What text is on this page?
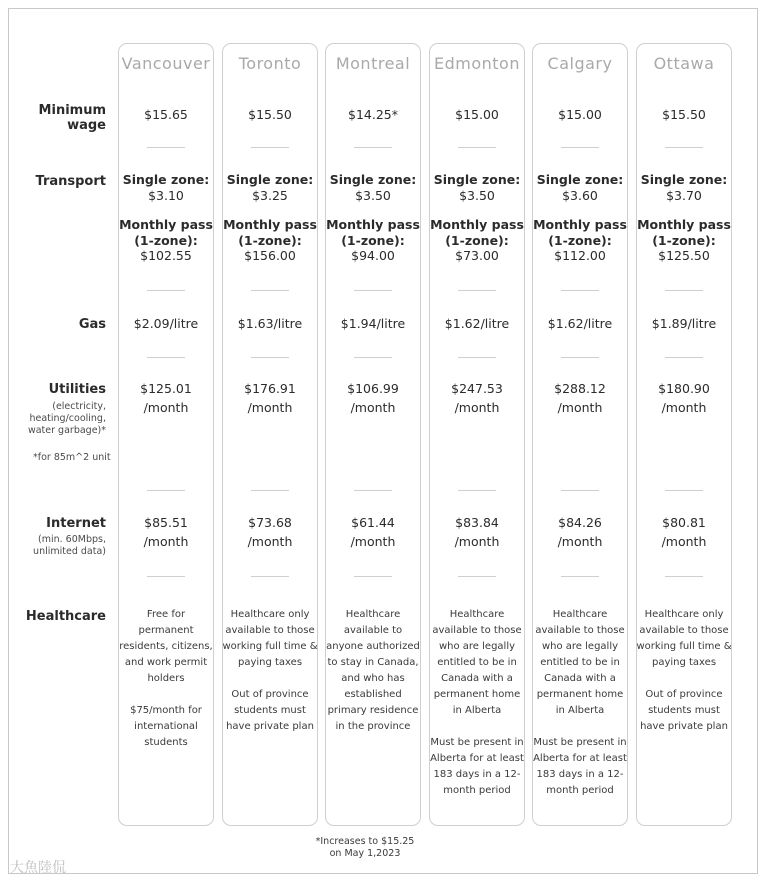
Vancouver
$15.65
Single zone:
$3.10
Monthly pass
(1-zone):
$102.55
$2.09/litre
$125.01
/month
$85.51
/month

Free for permanent residents, citizens, and work permit holders

$75/month for international students

Toronto
$15.50
Single zone:
$3.25
Monthly pass
(1-zone):
$156.00
$1.63/litre
$176.91
/month
$73.68
/month

Healthcare only available to those working full time & paying taxes

Out of province students must have private plan

Montreal
$14.25*
Single zone:
$3.50
Monthly pass
(1-zone):
$94.00
$1.94/litre
$106.99
/month
$61.44
/month

Healthcare available to anyone authorized to stay in Canada, and who has established primary residence in the province

Edmonton
$15.00
Single zone:
$3.50
Monthly pass
(1-zone):
$73.00
$1.62/litre
$247.53
/month
$83.84
/month

Healthcare available to those who are legally entitled to be in Canada with a permanent home in Alberta

Must be present in Alberta for at least 183 days in a 12-month period

Calgary
$15.00
Single zone:
$3.60
Monthly pass
(1-zone):
$112.00
$1.62/litre
$288.12
/month
$84.26
/month

Healthcare available to those who are legally entitled to be in Canada with a permanent home in Alberta

Must be present in Alberta for at least 183 days in a 12-month period

Ottawa
$15.50
Single zone:
$3.70
Monthly pass
(1-zone):
$125.50
$1.89/litre
$180.90
/month
$80.81
/month

Healthcare only available to those working full time & paying taxes

Out of province students must have private plan

Minimum
wage
Transport
Gas
Utilities
(electricity,
heating/cooling,
water garbage)*
*for 85m^2 unit
Internet
(min. 60Mbps,
unlimited data)
Healthcare
*Increases to $15.25
on May 1,2023
大魚陸侃
